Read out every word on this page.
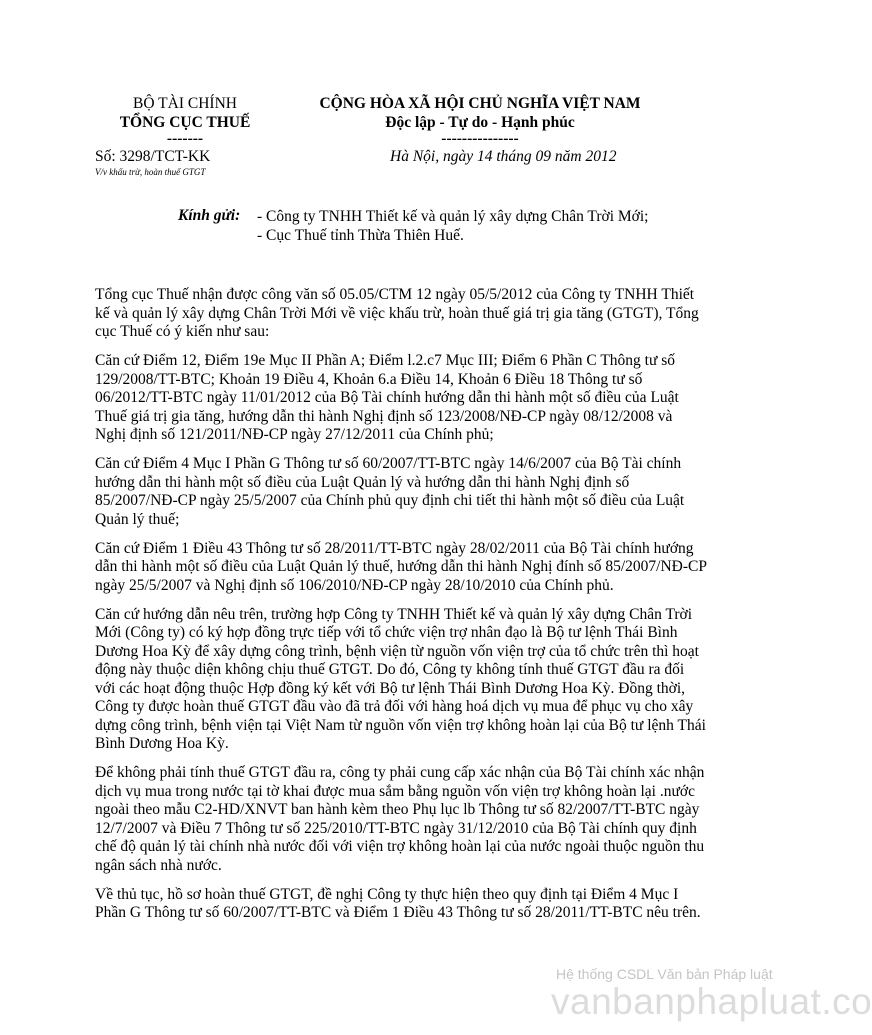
BỘ TÀI CHÍNH
TỔNG CỤC THUẾ
-------
CỘNG HÒA XÃ HỘI CHỦ NGHĨA VIỆT NAM
Độc lập - Tự do - Hạnh phúc
---------------
Số: 3298/TCT-KK
V/v khấu trừ, hoàn thuế GTGT
Hà Nội, ngày 14 tháng 09 năm 2012
Kính gửi: - Công ty TNHH Thiết kế và quản lý xây dựng Chân Trời Mới;
- Cục Thuế tỉnh Thừa Thiên Huế.

Tổng cục Thuế nhận được công văn số 05.05/CTM 12 ngày 05/5/2012 của Công ty TNHH Thiết kế và quản lý xây dựng Chân Trời Mới về việc khấu trừ, hoàn thuế giá trị gia tăng (GTGT), Tổng cục Thuế có ý kiến như sau:

Căn cứ Điểm 12, Điểm 19e Mục II Phần A; Điểm l.2.c7 Mục III; Điểm 6 Phần C Thông tư số 129/2008/TT-BTC; Khoản 19 Điều 4, Khoản 6.a Điều 14, Khoản 6 Điều 18 Thông tư số 06/2012/TT-BTC ngày 11/01/2012 của Bộ Tài chính hướng dẫn thi hành một số điều của Luật Thuế giá trị gia tăng, hướng dẫn thi hành Nghị định số 123/2008/NĐ-CP ngày 08/12/2008 và Nghị định số 121/2011/NĐ-CP ngày 27/12/2011 của Chính phủ;

Căn cứ Điểm 4 Mục I Phần G Thông tư số 60/2007/TT-BTC ngày 14/6/2007 của Bộ Tài chính hướng dẫn thi hành một số điều của Luật Quản lý và hướng dẫn thi hành Nghị định số 85/2007/NĐ-CP ngày 25/5/2007 của Chính phủ quy định chi tiết thi hành một số điều của Luật Quản lý thuế;

Căn cứ Điểm 1 Điều 43 Thông tư số 28/2011/TT-BTC ngày 28/02/2011 của Bộ Tài chính hướng dẫn thi hành một số điều của Luật Quản lý thuế, hướng dẫn thi hành Nghị đính số 85/2007/NĐ-CP ngày 25/5/2007 và Nghị định số 106/2010/NĐ-CP ngày 28/10/2010 của Chính phủ.

Căn cứ hướng dẫn nêu trên, trường hợp Công ty TNHH Thiết kế và quản lý xây dựng Chân Trời Mới (Công ty) có ký hợp đồng trực tiếp với tổ chức viện trợ nhân đạo là Bộ tư lệnh Thái Bình Dương Hoa Kỳ để xây dựng công trình, bệnh viện từ nguồn vốn viện trợ của tổ chức trên thì hoạt động này thuộc diện không chịu thuế GTGT. Do đó, Công ty không tính thuế GTGT đầu ra đối với các hoạt động thuộc Hợp đồng ký kết với Bộ tư lệnh Thái Bình Dương Hoa Kỳ. Đồng thời, Công ty được hoàn thuế GTGT đầu vào đã trả đối với hàng hoá dịch vụ mua để phục vụ cho xây dựng công trình, bệnh viện tại Việt Nam từ nguồn vốn viện trợ không hoàn lại của Bộ tư lệnh Thái Bình Dương Hoa Kỳ.

Để không phải tính thuế GTGT đầu ra, công ty phải cung cấp xác nhận của Bộ Tài chính xác nhận dịch vụ mua trong nước tại tờ khai được mua sắm bằng nguồn vốn viện trợ không hoàn lại .nước ngoài theo mẫu C2-HD/XNVT ban hành kèm theo Phụ lục lb Thông tư số 82/2007/TT-BTC ngày 12/7/2007 và Điều 7 Thông tư số 225/2010/TT-BTC ngày 31/12/2010 của Bộ Tài chính quy định chế độ quản lý tài chính nhà nước đối với viện trợ không hoàn lại của nước ngoài thuộc nguồn thu ngân sách nhà nước.

Về thủ tục, hồ sơ hoàn thuế GTGT, đề nghị Công ty thực hiện theo quy định tại Điểm 4 Mục I Phần G Thông tư số 60/2007/TT-BTC và Điểm 1 Điều 43 Thông tư số 28/2011/TT-BTC nêu trên.

Hệ thống CSDL Văn bản Pháp luật
vanbanphapluat.co
